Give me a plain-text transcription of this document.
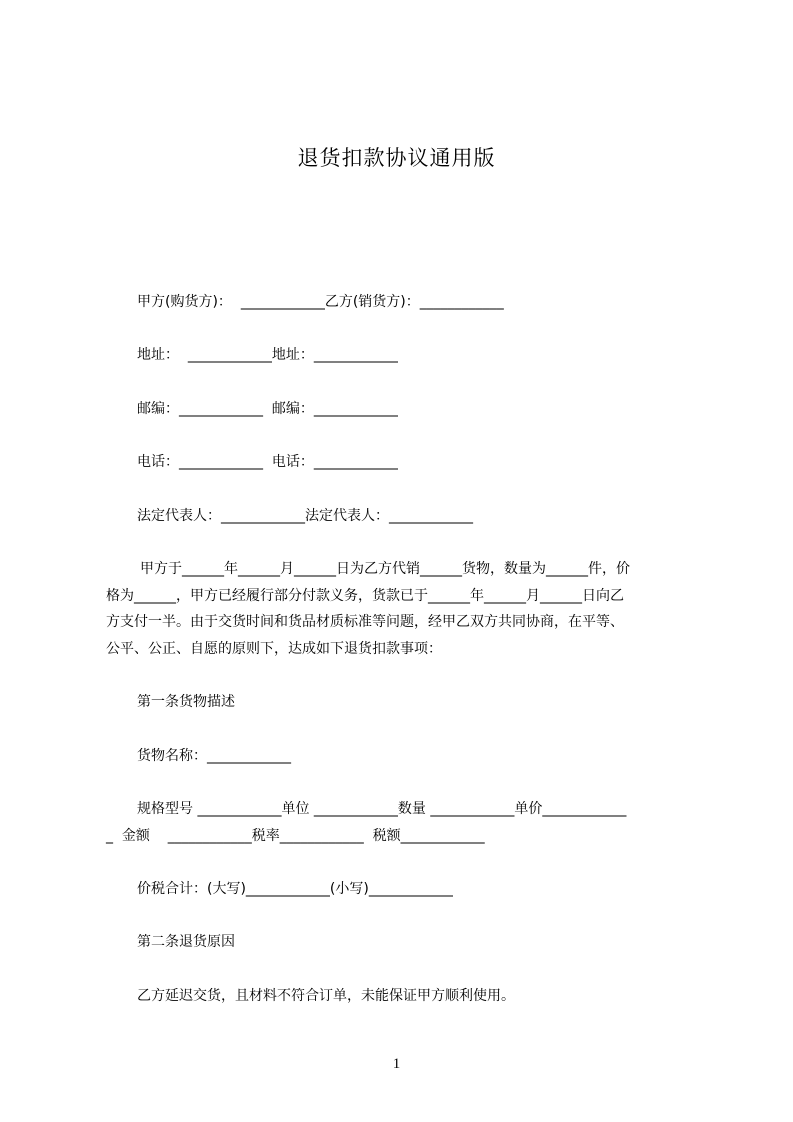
退货扣款协议通用版
甲方(购货方)：  ____________乙方(销货方)：____________
地址：  ____________地址：____________
邮编：____________  邮编：____________
电话：____________  电话：____________
法定代表人：____________法定代表人：____________
甲方于______年______月______日为乙方代销______货物，数量为______件，价
格为______，甲方已经履行部分付款义务，货款已于______年______月______日向乙
方支付一半。由于交货时间和货品材质标准等问题，经甲乙双方共同协商，在平等、
公平、公正、自愿的原则下，达成如下退货扣款事项：
第一条货物描述
货物名称：____________
规格型号 ____________单位 ____________数量 ____________单价____________
_  金额    ____________税率____________  税额____________
价税合计：(大写)____________(小写)____________
第二条退货原因
乙方延迟交货，且材料不符合订单，未能保证甲方顺利使用。
1
